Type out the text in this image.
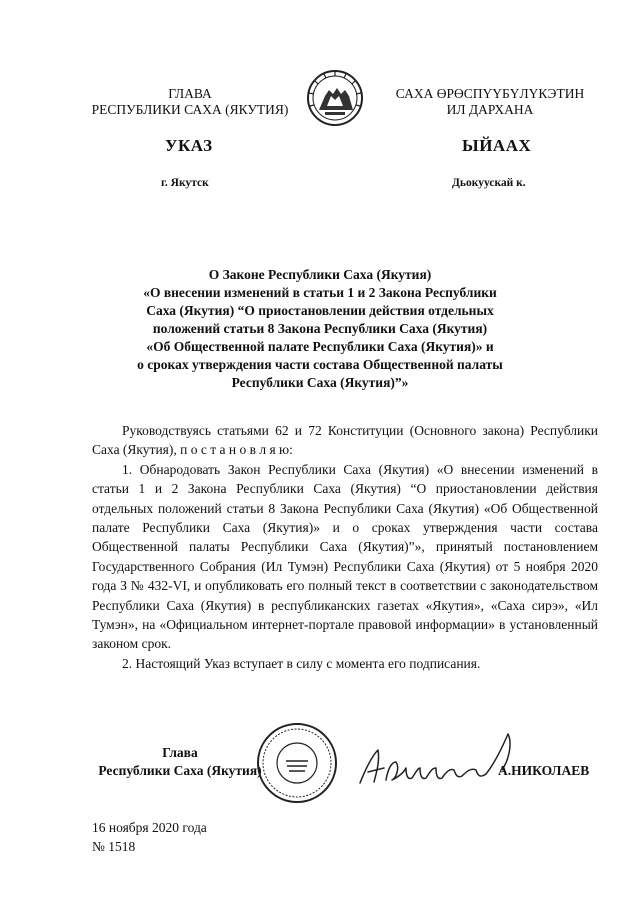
ГЛАВА
РЕСПУБЛИКИ САХА (ЯКУТИЯ)
САХА ӨРӨСПҮҮБҮЛҮКЭТИН
ИЛ ДАРХАНА
УКАЗ	ЫЙААХ
г. Якутск	Дьокуускай к.
О Законе Республики Саха (Якутия)
«О внесении изменений в статьи 1 и 2 Закона Республики
Саха (Якутия) “О приостановлении действия отдельных
положений статьи 8 Закона Республики Саха (Якутия)
«Об Общественной палате Республики Саха (Якутия)» и
о сроках утверждения части состава Общественной палаты
Республики Саха (Якутия)”»

Руководствуясь статьями 62 и 72 Конституции (Основного закона) Республики Саха (Якутия), п о с т а н о в л я ю:

1. Обнародовать Закон Республики Саха (Якутия) «О внесении изменений в статьи 1 и 2 Закона Республики Саха (Якутия) “О приостановлении действия отдельных положений статьи 8 Закона Республики Саха (Якутия) «Об Общественной палате Республики Саха (Якутия)» и о сроках утверждения части состава Общественной палаты Республики Саха (Якутия)”», принятый постановлением Государственного Собрания (Ил Тумэн) Республики Саха (Якутия) от 5 ноября 2020 года З № 432-VI, и опубликовать его полный текст в соответствии с законодательством Республики Саха (Якутия) в республиканских газетах «Якутия», «Саха сирэ», «Ил Тумэн», на «Официальном интернет-портале правовой информации» в установленный законом срок.

2. Настоящий Указ вступает в силу с момента его подписания.

Глава
Республики Саха (Якутия)	А.НИКОЛАЕВ
16 ноября 2020 года
№ 1518
